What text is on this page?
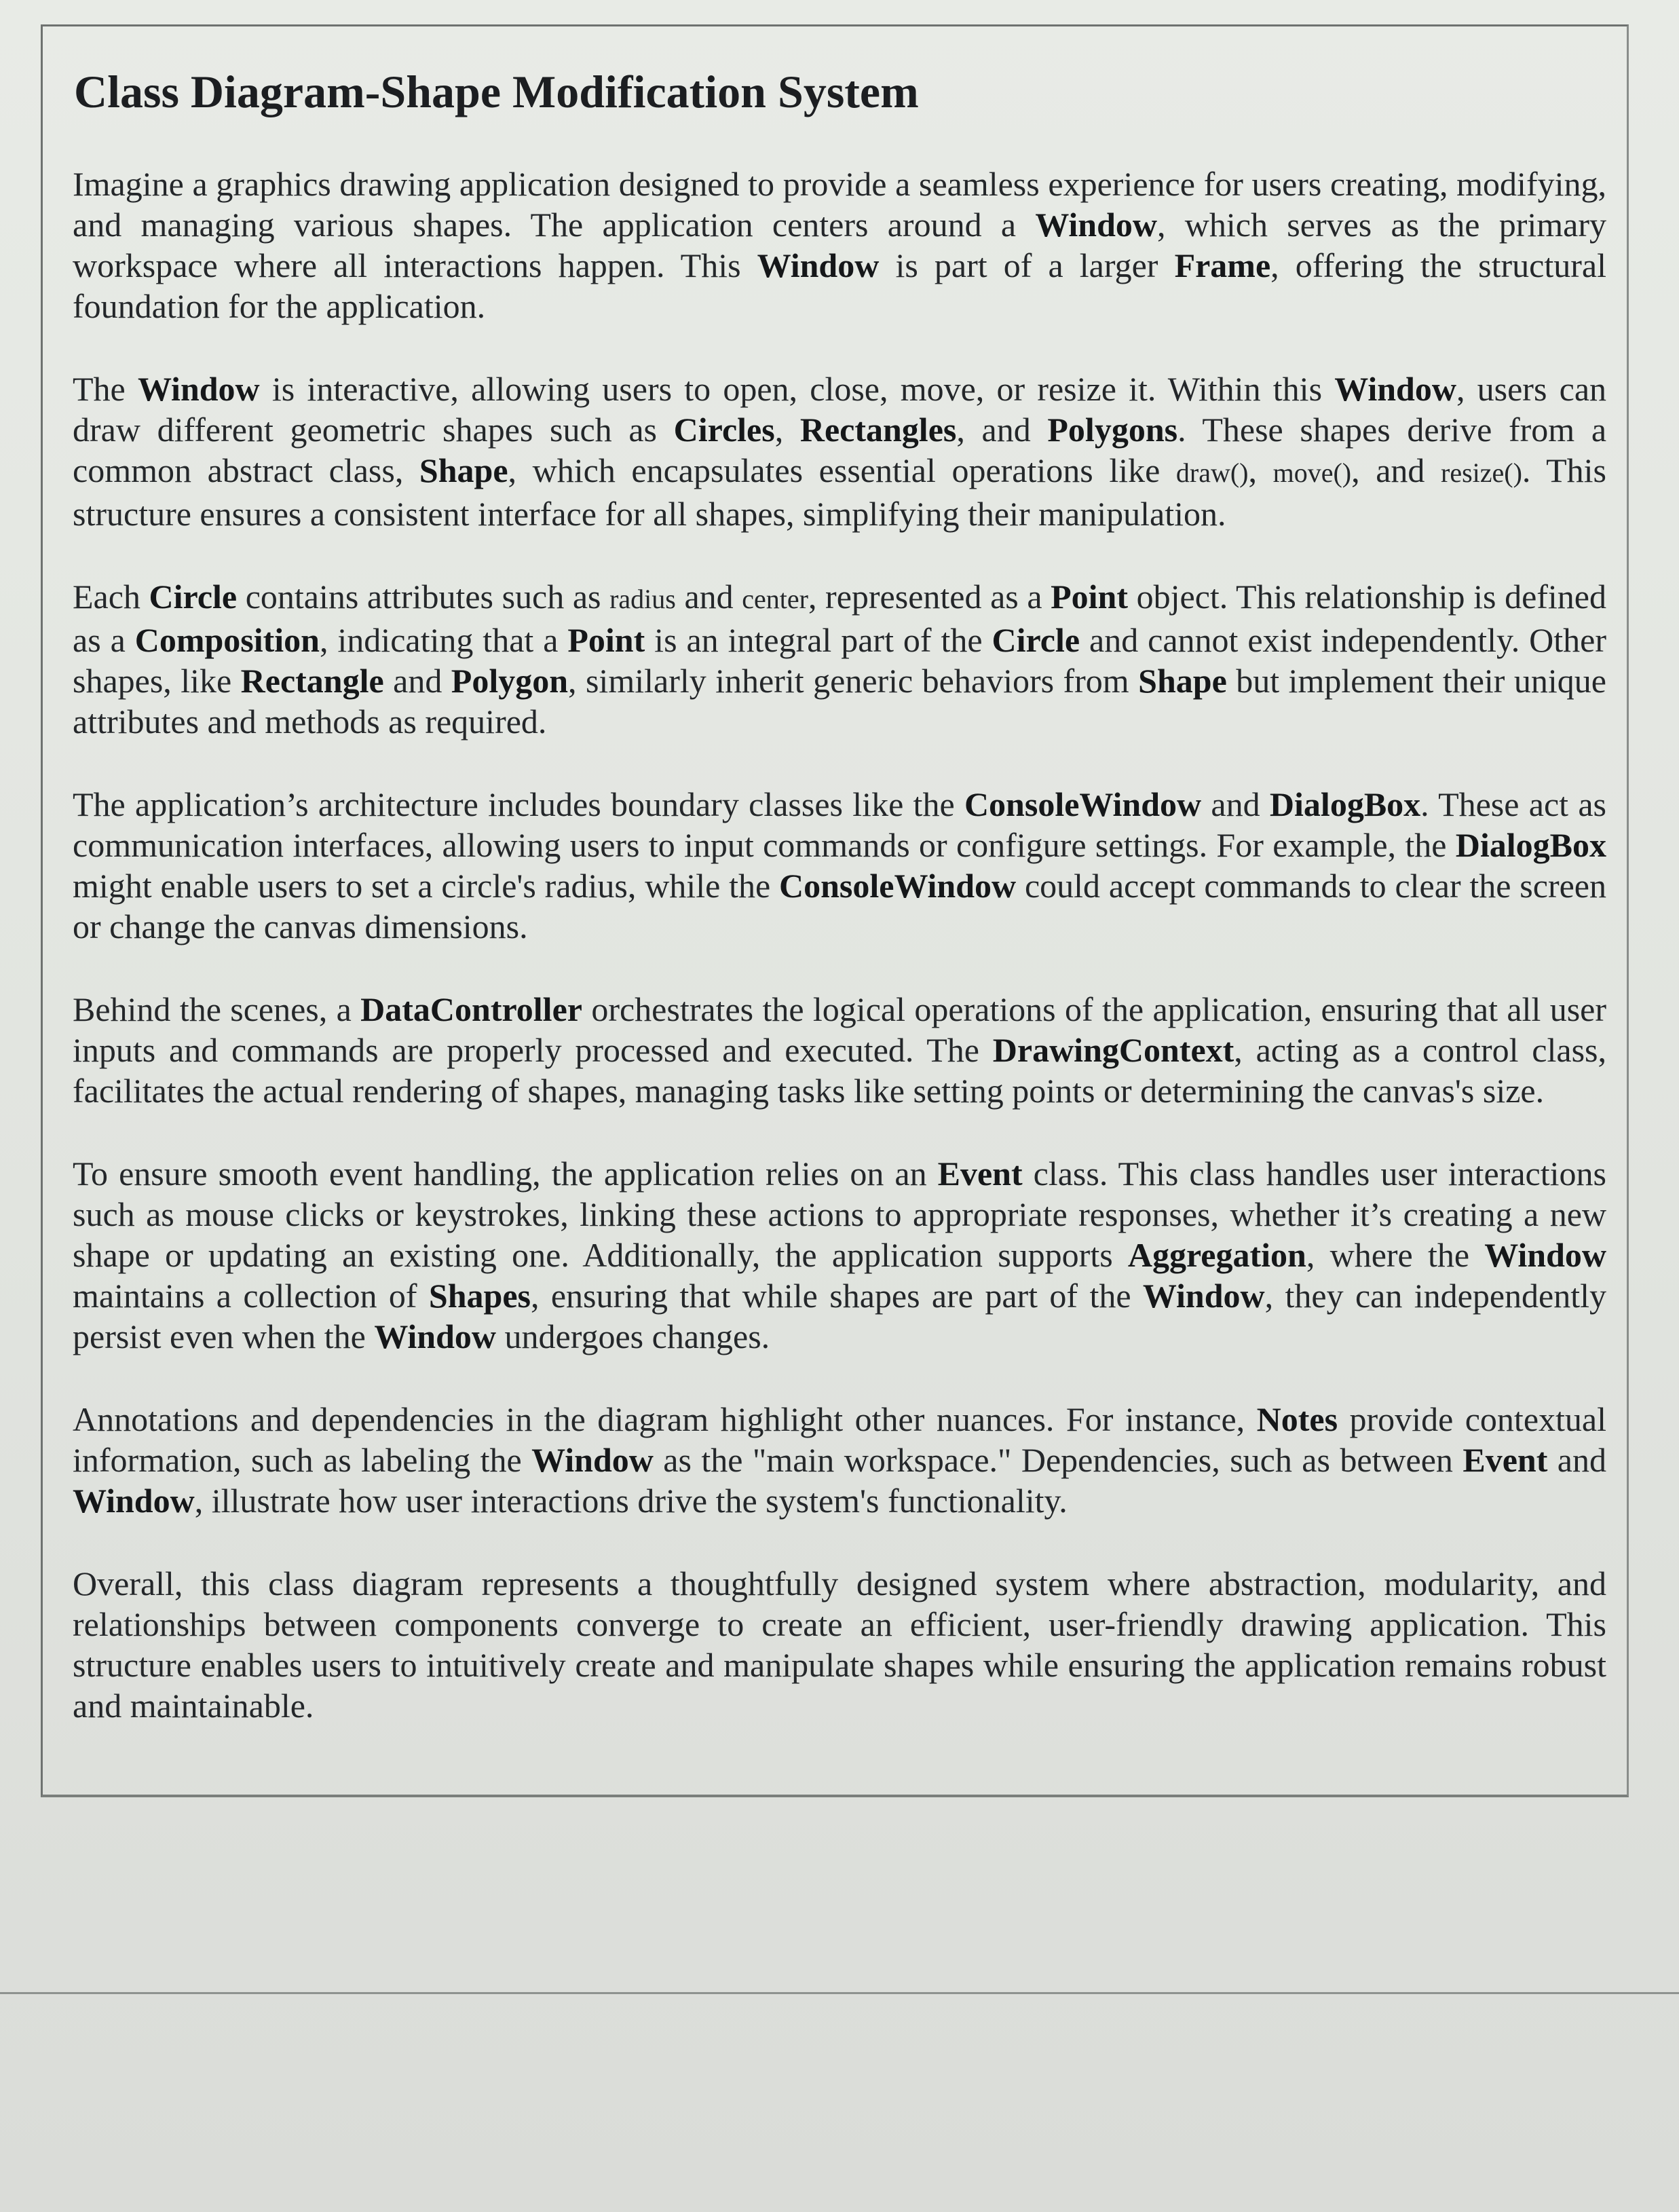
Class Diagram-Shape Modification System

Imagine a graphics drawing application designed to provide a seamless experience for users creating, modifying, and managing various shapes. The application centers around a Window, which serves as the primary workspace where all interactions happen. This Window is part of a larger Frame, offering the structural foundation for the application.

The Window is interactive, allowing users to open, close, move, or resize it. Within this Window, users can draw different geometric shapes such as Circles, Rectangles, and Polygons. These shapes derive from a common abstract class, Shape, which encapsulates essential operations like draw(), move(), and resize(). This structure ensures a consistent interface for all shapes, simplifying their manipulation.

Each Circle contains attributes such as radius and center, represented as a Point object. This relationship is defined as a Composition, indicating that a Point is an integral part of the Circle and cannot exist independently. Other shapes, like Rectangle and Polygon, similarly inherit generic behaviors from Shape but implement their unique attributes and methods as required.

The application’s architecture includes boundary classes like the ConsoleWindow and DialogBox. These act as communication interfaces, allowing users to input commands or configure settings. For example, the DialogBox might enable users to set a circle's radius, while the ConsoleWindow could accept commands to clear the screen or change the canvas dimensions.

Behind the scenes, a DataController orchestrates the logical operations of the application, ensuring that all user inputs and commands are properly processed and executed. The DrawingContext, acting as a control class, facilitates the actual rendering of shapes, managing tasks like setting points or determining the canvas's size.

To ensure smooth event handling, the application relies on an Event class. This class handles user interactions such as mouse clicks or keystrokes, linking these actions to appropriate responses, whether it’s creating a new shape or updating an existing one. Additionally, the application supports Aggregation, where the Window maintains a collection of Shapes, ensuring that while shapes are part of the Window, they can independently persist even when the Window undergoes changes.

Annotations and dependencies in the diagram highlight other nuances. For instance, Notes provide contextual information, such as labeling the Window as the "main workspace." Dependencies, such as between Event and Window, illustrate how user interactions drive the system's functionality.

Overall, this class diagram represents a thoughtfully designed system where abstraction, modularity, and relationships between components converge to create an efficient, user-friendly drawing application. This structure enables users to intuitively create and manipulate shapes while ensuring the application remains robust and maintainable.
